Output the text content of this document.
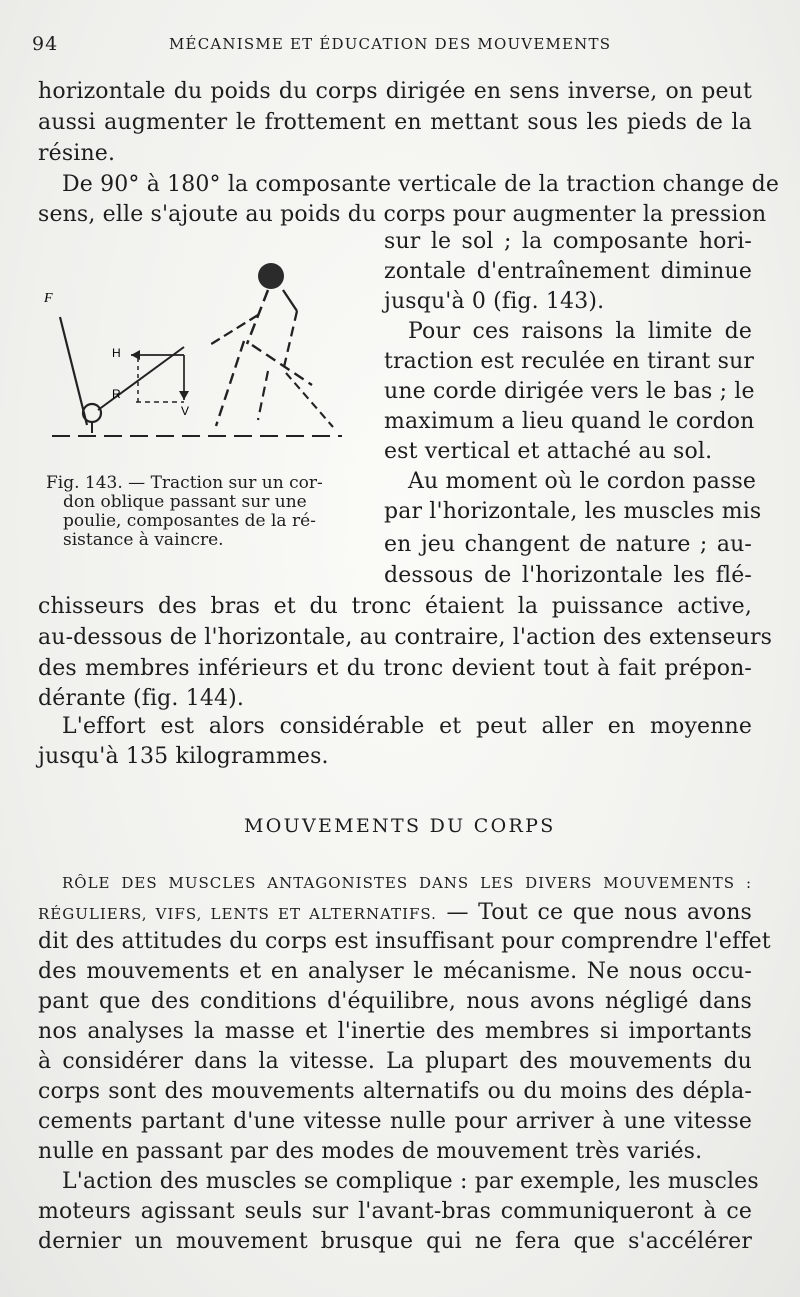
94	MÉCANISME ET ÉDUCATION DES MOUVEMENTS
horizontale du poids du corps dirigée en sens inverse, on peut
aussi augmenter le frottement en mettant sous les pieds de la
résine.
De 90° à 180° la composante verticale de la traction change de
sens, elle s'ajoute au poids du corps pour augmenter la pression
sur le sol ; la composante hori-
zontale d'entraînement diminue
jusqu'à 0 (fig. 143).
Pour ces raisons la limite de
traction est reculée en tirant sur
une corde dirigée vers le bas ; le
maximum a lieu quand le cordon
est vertical et attaché au sol.
Au moment où le cordon passe
par l'horizontale, les muscles mis
en jeu changent de nature ; au-
dessous de l'horizontale les flé-
F
H
R
V
Fig. 143. — Traction sur un cor-
don oblique passant sur une
poulie, composantes de la ré-
sistance à vaincre.
chisseurs des bras et du tronc étaient la puissance active,
au-dessous de l'horizontale, au contraire, l'action des extenseurs
des membres inférieurs et du tronc devient tout à fait prépon-
dérante (fig. 144).
L'effort est alors considérable et peut aller en moyenne
jusqu'à 135 kilogrammes.
MOUVEMENTS DU CORPS
RÔLE DES MUSCLES ANTAGONISTES DANS LES DIVERS MOUVEMENTS :
RÉGULIERS, VIFS, LENTS ET ALTERNATIFS. — Tout ce que nous avons
dit des attitudes du corps est insuffisant pour comprendre l'effet
des mouvements et en analyser le mécanisme. Ne nous occu-
pant que des conditions d'équilibre, nous avons négligé dans
nos analyses la masse et l'inertie des membres si importants
à considérer dans la vitesse. La plupart des mouvements du
corps sont des mouvements alternatifs ou du moins des dépla-
cements partant d'une vitesse nulle pour arriver à une vitesse
nulle en passant par des modes de mouvement très variés.
L'action des muscles se complique : par exemple, les muscles
moteurs agissant seuls sur l'avant-bras communiqueront à ce
dernier un mouvement brusque qui ne fera que s'accélérer
